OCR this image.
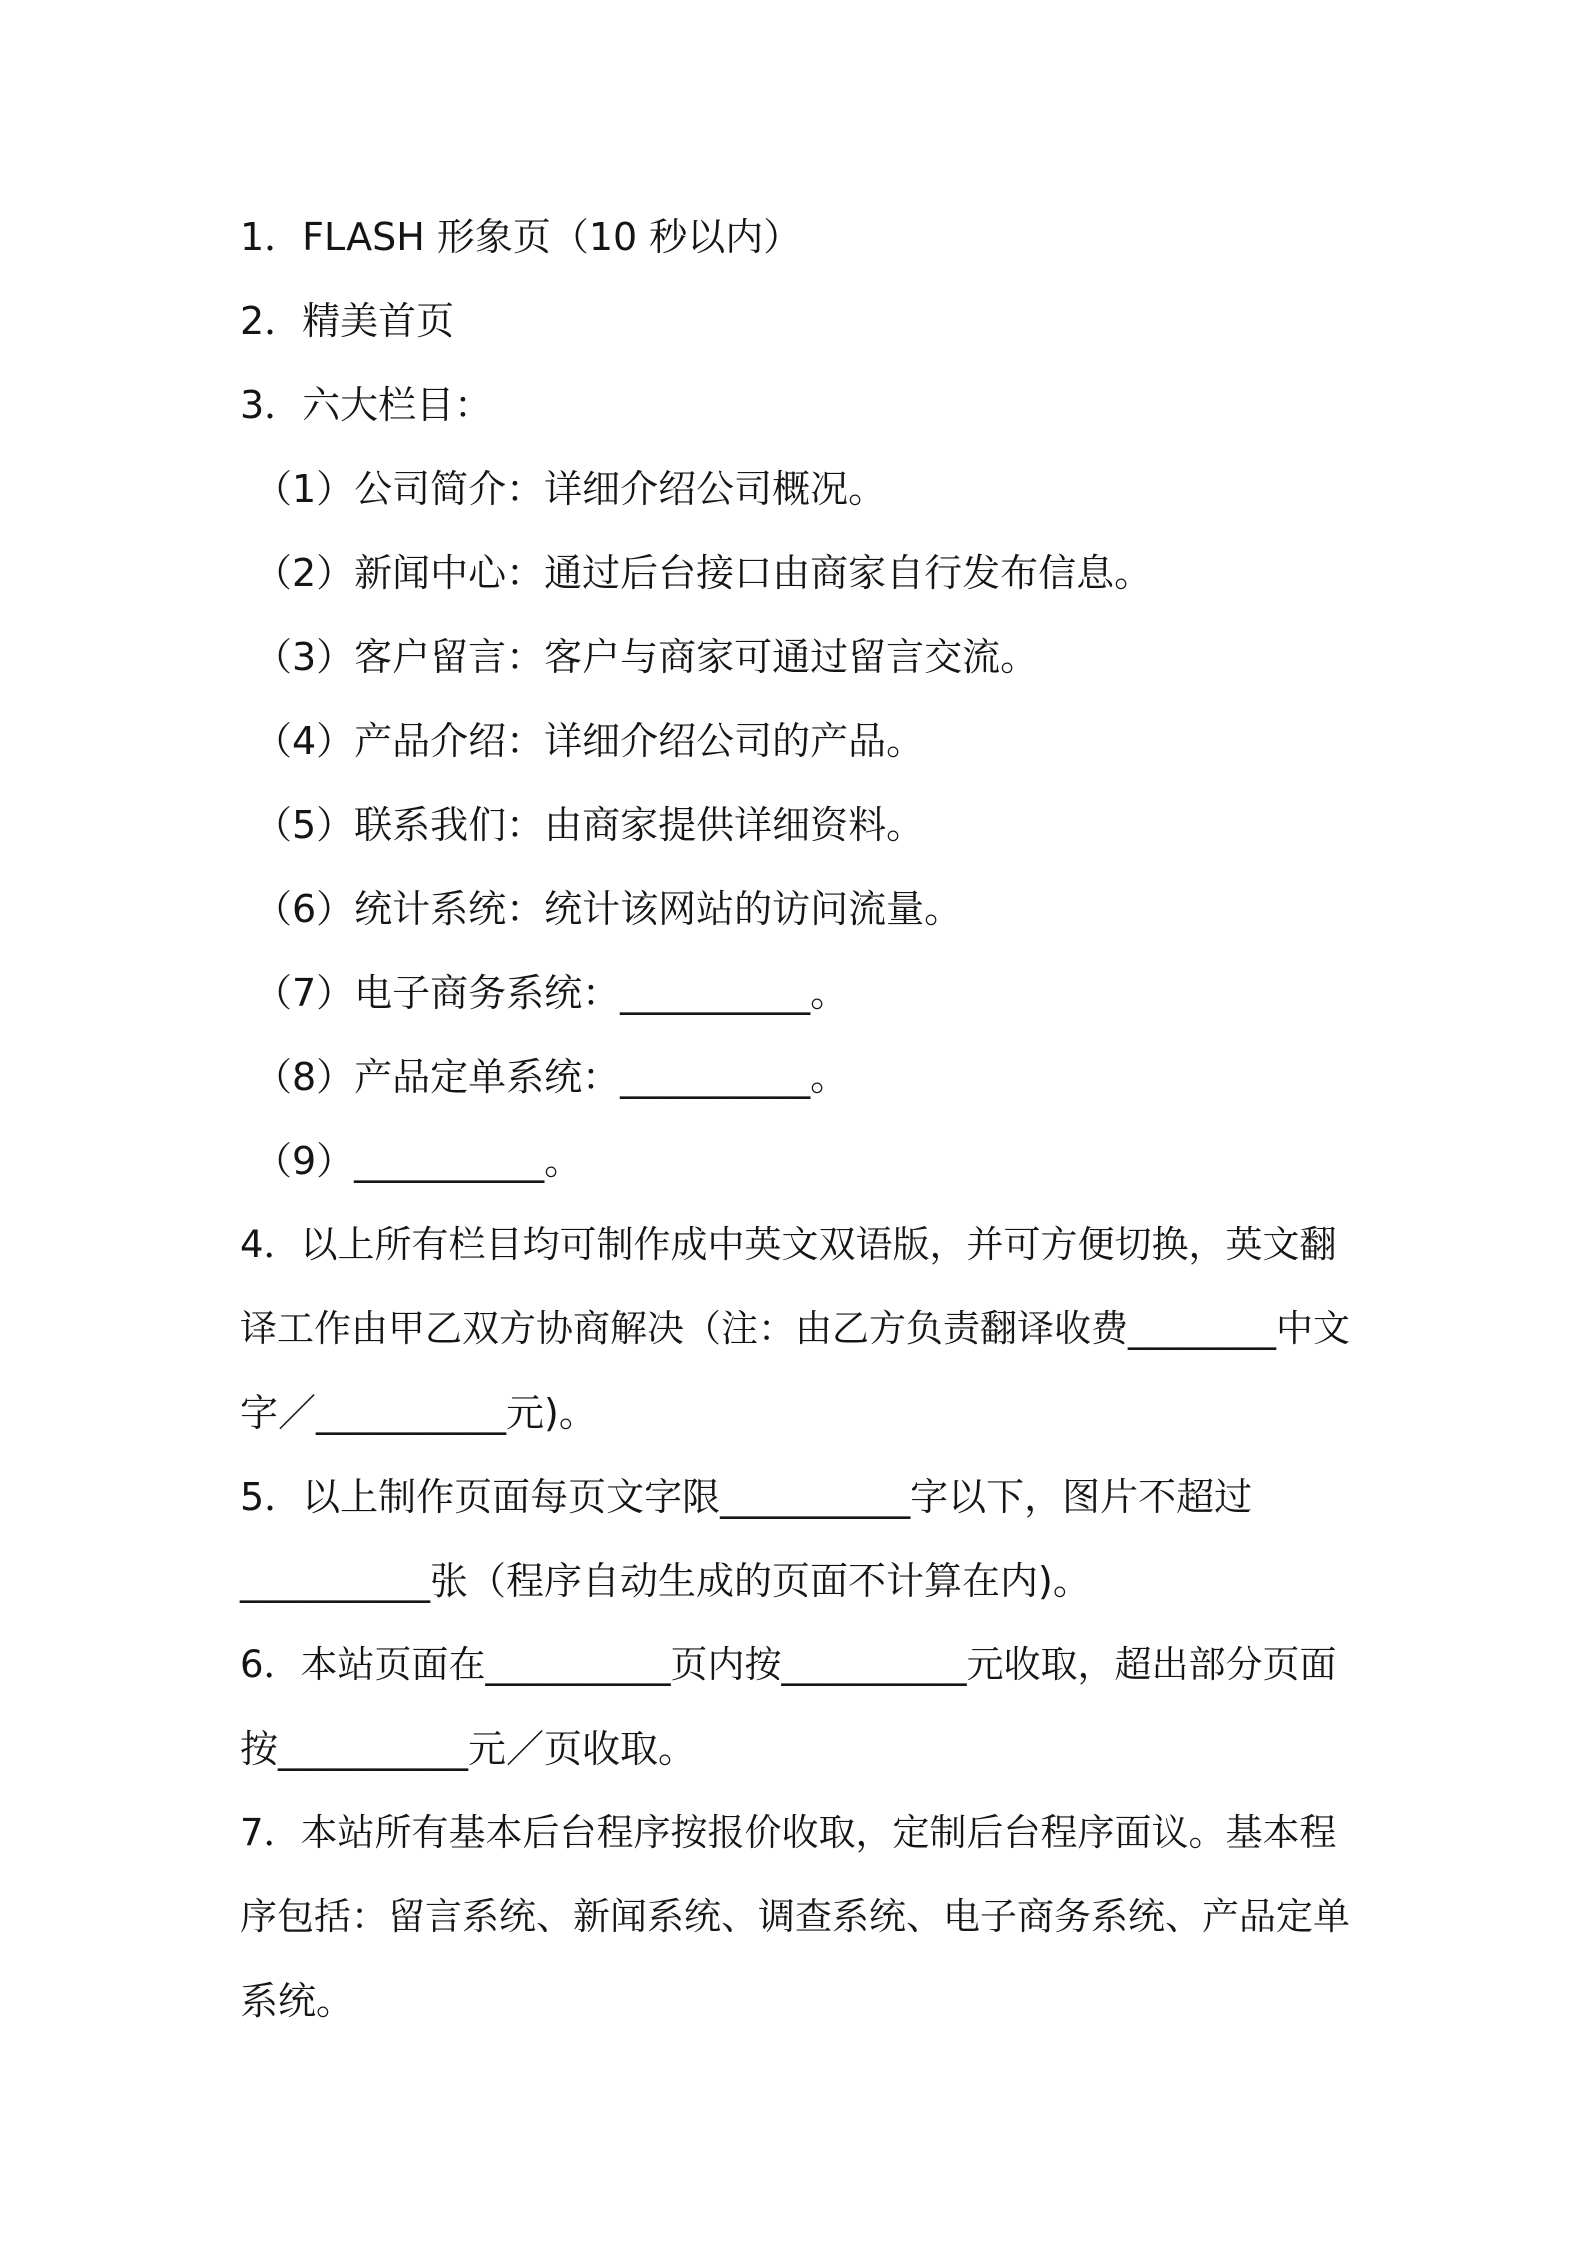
1．FLASH 形象页（10 秒以内）
2．精美首页
3．六大栏目：
（1）公司简介：详细介绍公司概况。
（2）新闻中心：通过后台接口由商家自行发布信息。
（3）客户留言：客户与商家可通过留言交流。
（4）产品介绍：详细介绍公司的产品。
（5）联系我们：由商家提供详细资料。
（6）统计系统：统计该网站的访问流量。
（7）电子商务系统：__________。
（8）产品定单系统：__________。
（9）__________。
4．以上所有栏目均可制作成中英文双语版，并可方便切换，英文翻
译工作由甲乙双方协商解决（注：由乙方负责翻译收费________中文
字／__________元)。
5．以上制作页面每页文字限__________字以下，图片不超过
__________张（程序自动生成的页面不计算在内)。
6．本站页面在__________页内按__________元收取，超出部分页面
按__________元／页收取。
7．本站所有基本后台程序按报价收取，定制后台程序面议。基本程
序包括：留言系统、新闻系统、调查系统、电子商务系统、产品定单
系统。
